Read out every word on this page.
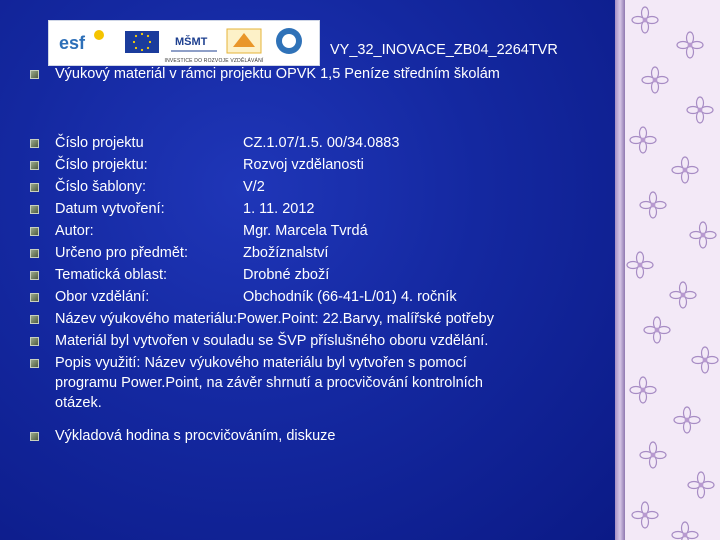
esf	MŠMT
INVESTICE DO ROZVOJE VZDĚLÁVÁNÍ
VY_32_INOVACE_ZB04_2264TVR
Výukový materiál v rámci projektu OPVK 1,5 Peníze středním školám
Číslo projektu	CZ.1.07/1.5. 00/34.0883
Číslo projektu:	Rozvoj vzdělanosti
Číslo šablony:	V/2
Datum vytvoření:	1. 11. 2012
Autor:	Mgr. Marcela Tvrdá
Určeno pro předmět:	Zbožíznalství
Tematická oblast:	Drobné zboží
Obor vzdělání:	Obchodník (66-41-L/01) 4. ročník
Název výukového materiálu:Power.Point: 22.Barvy, malířské potřeby
Materiál byl vytvořen v souladu se ŠVP příslušného oboru vzdělání.
Popis využití: Název výukového materiálu byl vytvořen s pomocí
programu Power.Point, na závěr shrnutí a procvičování kontrolních
otázek.
Výkladová hodina s procvičováním, diskuze
